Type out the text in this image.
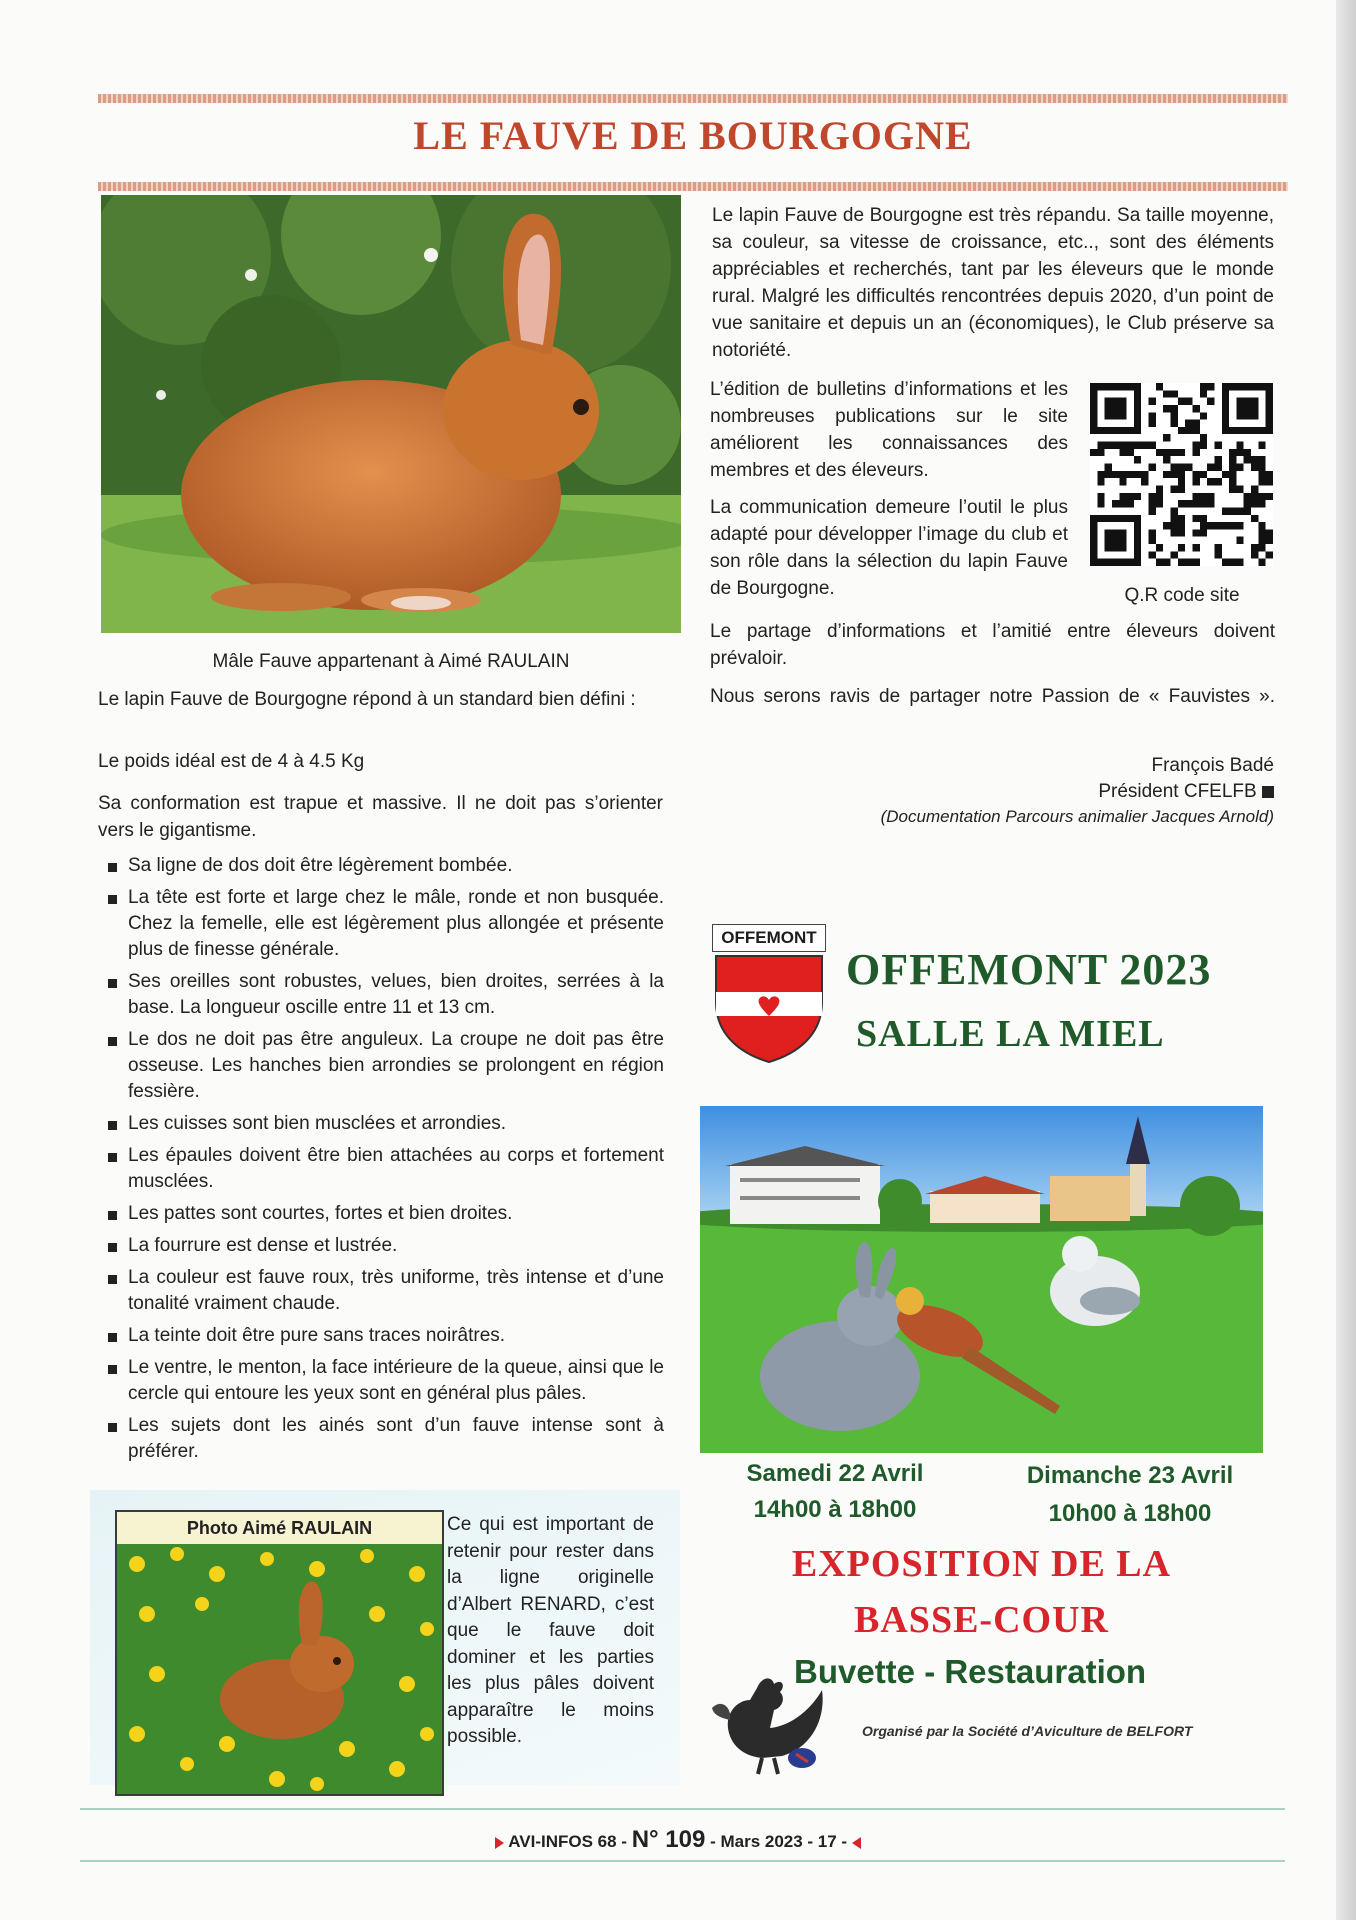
LE FAUVE DE BOURGOGNE
Mâle Fauve appartenant à Aimé RAULAIN
Le lapin Fauve de Bourgogne répond à un standard bien défini :
Le poids idéal est de 4 à 4.5 Kg
Sa conformation est trapue et massive. Il ne doit pas s’orienter vers le gigantisme.
Sa ligne de dos doit être légèrement bombée.
La tête est forte et large chez le mâle, ronde et non busquée. Chez la femelle, elle est légèrement plus allongée et présente plus de finesse générale.
Ses oreilles sont robustes, velues, bien droites, serrées à la base. La longueur oscille entre 11 et 13 cm.
Le dos ne doit pas être anguleux. La croupe ne doit pas être osseuse. Les hanches bien arrondies se prolongent en région fessière.
Les cuisses sont bien musclées et arrondies.
Les épaules doivent être bien attachées au corps et fortement musclées.
Les pattes sont courtes, fortes et bien droites.
La fourrure est dense et lustrée.
La couleur est fauve roux, très uniforme, très intense et d’une tonalité vraiment chaude.
La teinte doit être pure sans traces noirâtres.
Le ventre, le menton, la face intérieure de la queue, ainsi que le cercle qui entoure les yeux sont en général plus pâles.
Les sujets dont les ainés sont d’un fauve intense sont à préférer.
Photo Aimé RAULAIN	Ce qui est important de retenir pour rester dans la ligne originelle d’Albert RENARD, c’est que le fauve doit dominer et les parties les plus pâles doivent apparaître le moins possible.
Le lapin Fauve de Bourgogne est très répandu. Sa taille moyenne, sa couleur, sa vitesse de croissance, etc.., sont des éléments appréciables et recherchés, tant par les éleveurs que le monde rural. Malgré les difficultés rencontrées depuis 2020, d’un point de vue sanitaire et depuis un an (économiques), le Club préserve sa notoriété.
L’édition de bulletins d’informations et les nombreuses publications sur le site améliorent les connaissances des membres et des éleveurs.
La communication demeure l’outil le plus adapté pour développer l’image du club et son rôle dans la sélection du lapin Fauve de Bourgogne.	Q.R code site
Le partage d’informations et l’amitié entre éleveurs doivent prévaloir.
Nous serons ravis de partager notre Passion de « Fauvistes ».
François Badé
Président CFELFB
(Documentation Parcours animalier Jacques Arnold)
OFFEMONT
OFFEMONT 2023
SALLE LA MIEL
Samedi 22 Avril
14h00 à 18h00
Dimanche 23 Avril
10h00 à 18h00
EXPOSITION DE LA
BASSE-COUR
Buvette - Restauration
Organisé par la Société d’Aviculture de BELFORT
AVI-INFOS 68 - N° 109 - Mars 2023 - 17 -
